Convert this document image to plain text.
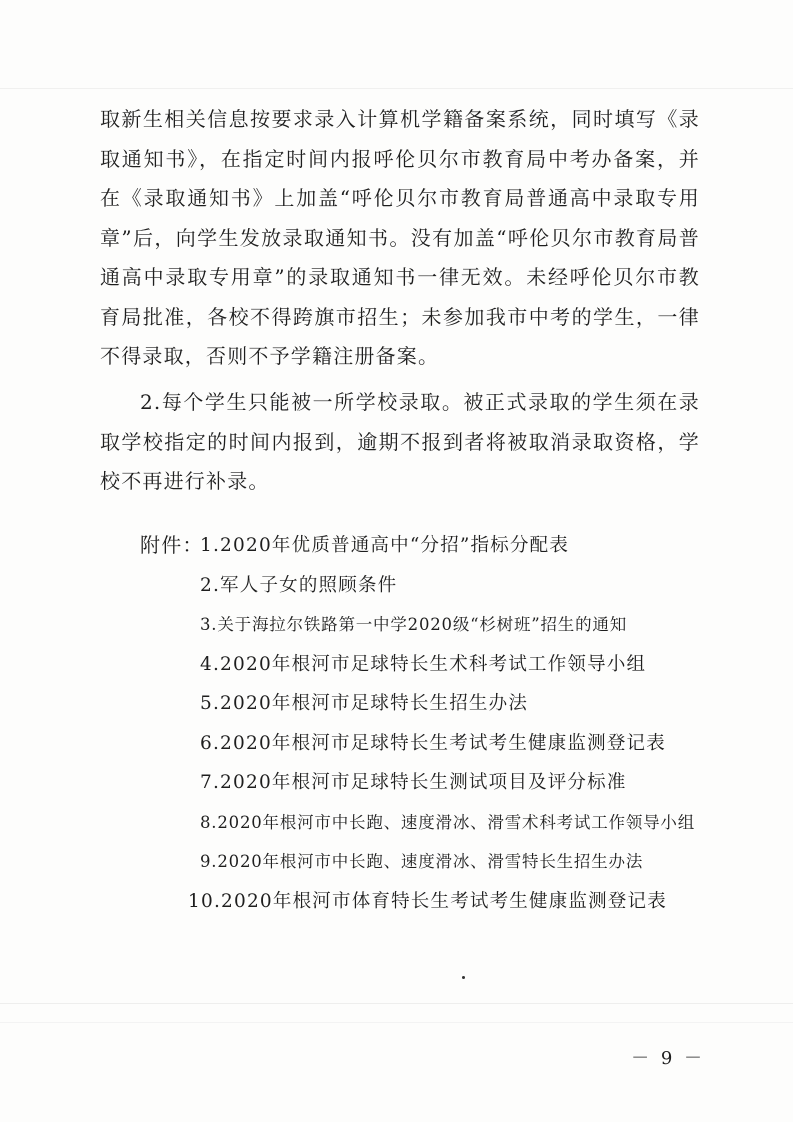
取新生相关信息按要求录入计算机学籍备案系统，同时填写《录取通知书》，在指定时间内报呼伦贝尔市教育局中考办备案，并在《录取通知书》上加盖“呼伦贝尔市教育局普通高中录取专用章”后，向学生发放录取通知书。没有加盖“呼伦贝尔市教育局普通高中录取专用章”的录取通知书一律无效。未经呼伦贝尔市教育局批准，各校不得跨旗市招生；未参加我市中考的学生，一律不得录取，否则不予学籍注册备案。

2.每个学生只能被一所学校录取。被正式录取的学生须在录取学校指定的时间内报到，逾期不报到者将被取消录取资格，学校不再进行补录。

附件：
1.2020年优质普通高中“分招”指标分配表
2.军人子女的照顾条件
3.关于海拉尔铁路第一中学2020级“杉树班”招生的通知
4.2020年根河市足球特长生术科考试工作领导小组
5.2020年根河市足球特长生招生办法
6.2020年根河市足球特长生考试考生健康监测登记表
7.2020年根河市足球特长生测试项目及评分标准
8.2020年根河市中长跑、速度滑冰、滑雪术科考试工作领导小组
9.2020年根河市中长跑、速度滑冰、滑雪特长生招生办法
10.2020年根河市体育特长生考试考生健康监测登记表
－ 9 －
